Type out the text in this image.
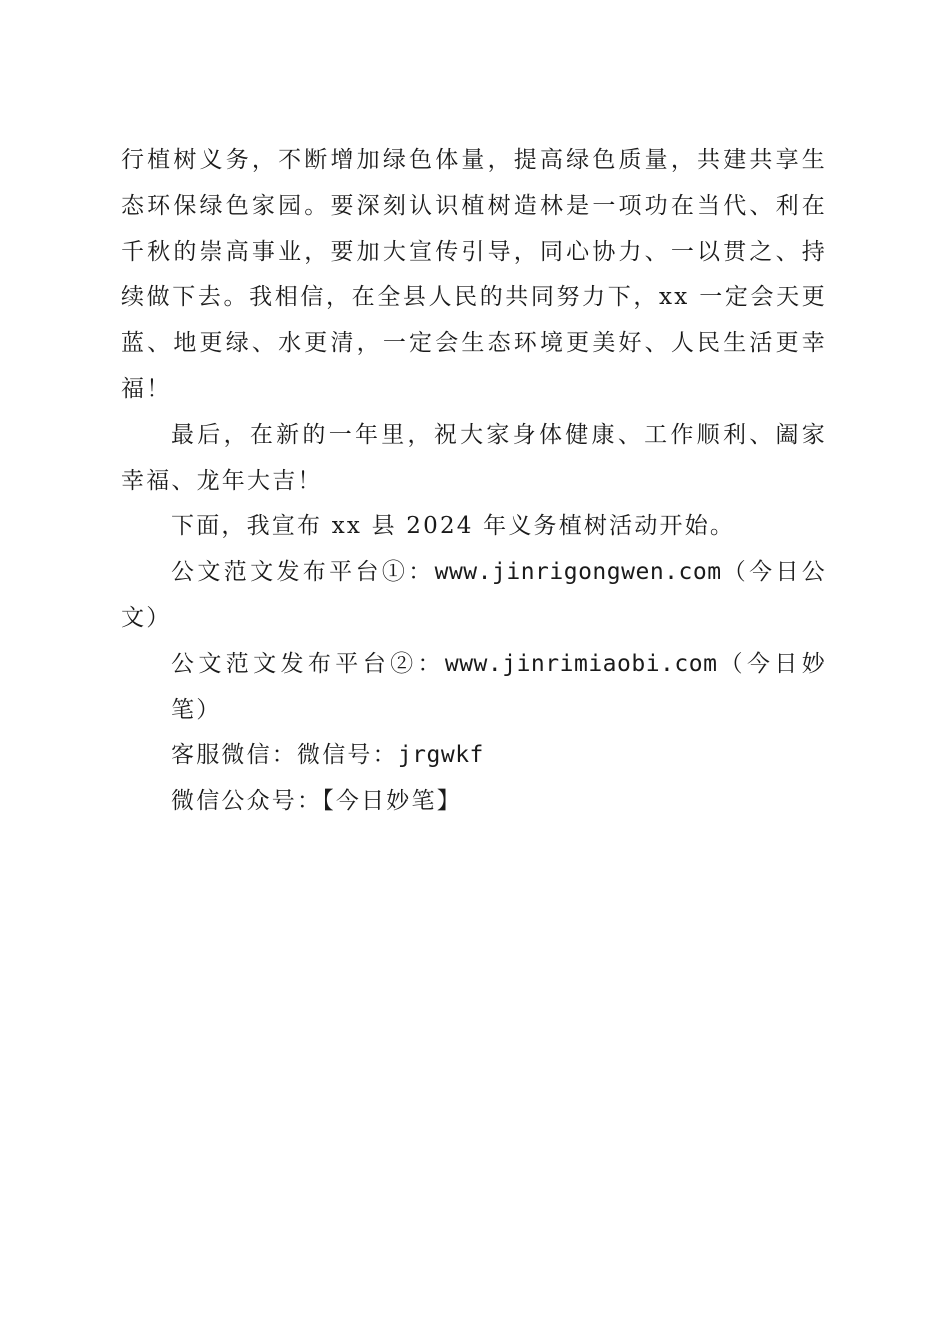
行植树义务，不断增加绿色体量，提高绿色质量，共建共享生
态环保绿色家园。要深刻认识植树造林是一项功在当代、利在
千秋的崇高事业，要加大宣传引导，同心协力、一以贯之、持
续做下去。我相信，在全县人民的共同努力下，xx 一定会天更
蓝、地更绿、水更清，一定会生态环境更美好、人民生活更幸
福！

最后，在新的一年里，祝大家身体健康、工作顺利、阖家
幸福、龙年大吉！

下面，我宣布 xx 县 2024 年义务植树活动开始。

公文范文发布平台①：www.jinrigongwen.com（今日公
文）

公文范文发布平台②：www.jinrimiaobi.com（今日妙笔）

客服微信：微信号：jrgwkf

微信公众号：【今日妙笔】
